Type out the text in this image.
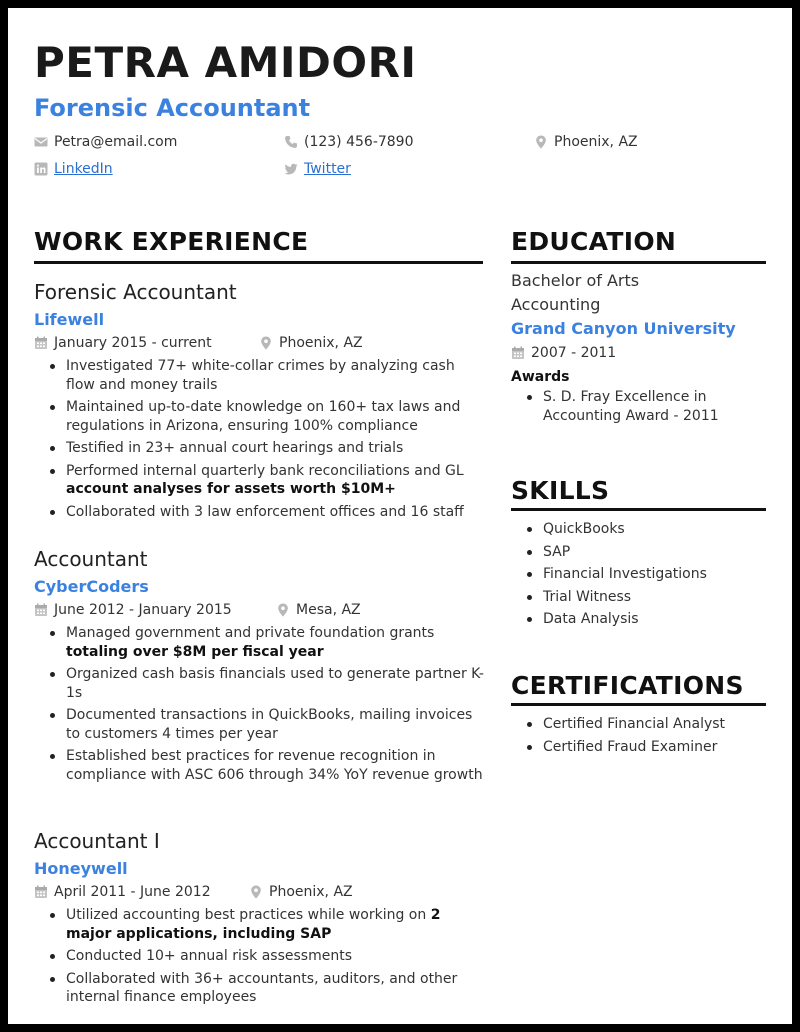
PETRA AMIDORI
Forensic Accountant
Petra@email.com	(123) 456-7890	Phoenix, AZ
LinkedIn	Twitter
WORK EXPERIENCE
Forensic Accountant
Lifewell
January 2015 - current	Phoenix, AZ
Investigated 77+ white-collar crimes by analyzing cash flow and money trails
Maintained up-to-date knowledge on 160+ tax laws and regulations in Arizona, ensuring 100% compliance
Testified in 23+ annual court hearings and trials
Performed internal quarterly bank reconciliations and GL account analyses for assets worth $10M+
Collaborated with 3 law enforcement offices and 16 staff
Accountant
CyberCoders
June 2012 - January 2015	Mesa, AZ
Managed government and private foundation grants totaling over $8M per fiscal year
Organized cash basis financials used to generate partner K-1s
Documented transactions in QuickBooks, mailing invoices to customers 4 times per year
Established best practices for revenue recognition in compliance with ASC 606 through 34% YoY revenue growth
Accountant I
Honeywell
April 2011 - June 2012	Phoenix, AZ
Utilized accounting best practices while working on 2 major applications, including SAP
Conducted 10+ annual risk assessments
Collaborated with 36+ accountants, auditors, and other internal finance employees
EDUCATION
Bachelor of Arts
Accounting
Grand Canyon University
2007 - 2011
Awards
S. D. Fray Excellence in Accounting Award - 2011
SKILLS
QuickBooks
SAP
Financial Investigations
Trial Witness
Data Analysis
CERTIFICATIONS
Certified Financial Analyst
Certified Fraud Examiner
